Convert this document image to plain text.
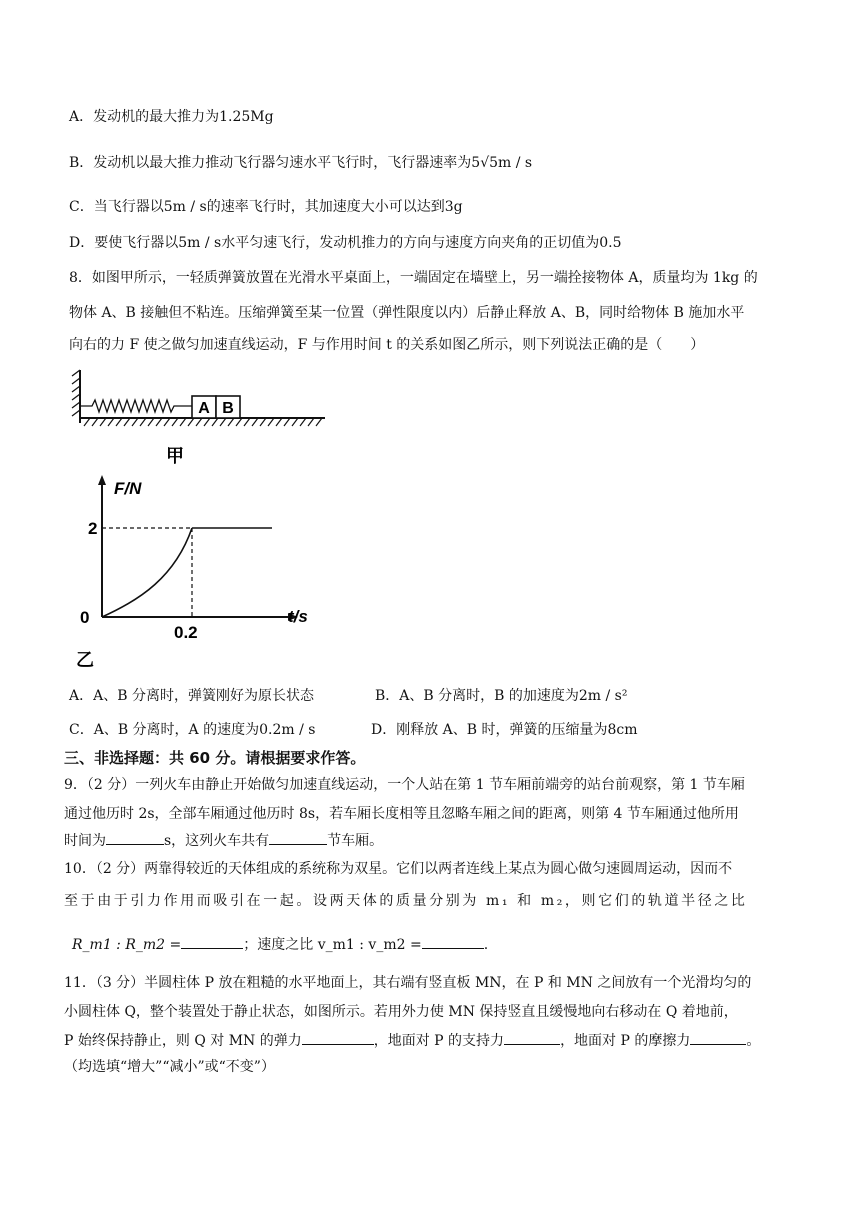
A．发动机的最大推力为1.25Mg
B．发动机以最大推力推动飞行器匀速水平飞行时，飞行器速率为5√5m / s
C．当飞行器以5m / s的速率飞行时，其加速度大小可以达到3g
D．要使飞行器以5m / s水平匀速飞行，发动机推力的方向与速度方向夹角的正切值为0.5
8．如图甲所示，一轻质弹簧放置在光滑水平桌面上，一端固定在墙壁上，另一端拴接物体 A，质量均为 1kg 的
物体 A、B 接触但不粘连。压缩弹簧至某一位置（弹性限度以内）后静止释放 A、B，同时给物体 B 施加水平
向右的力 F 使之做匀加速直线运动，F 与作用时间 t 的关系如图乙所示，则下列说法正确的是（　　）
A B
甲
F/N
2
0	t/s
0.2
乙
A．A、B 分离时，弹簧刚好为原长状态	B．A、B 分离时，B 的加速度为2m / s²
C．A、B 分离时，A 的速度为0.2m / s	D．刚释放 A、B 时，弹簧的压缩量为8cm
三、非选择题：共 60 分。请根据要求作答。
9．（2 分）一列火车由静止开始做匀加速直线运动，一个人站在第 1 节车厢前端旁的站台前观察，第 1 节车厢
通过他历时 2s，全部车厢通过他历时 8s，若车厢长度相等且忽略车厢之间的距离，则第 4 节车厢通过他所用
时间为	s，这列火车共有	节车厢。
10．（2 分）两靠得较近的天体组成的系统称为双星。它们以两者连线上某点为圆心做匀速圆周运动，因而不
至于由于引力作用而吸引在一起。设两天体的质量分别为 m₁ 和 m₂，则它们的轨道半径之比
R_m1 : R_m2 =	；速度之比 v_m1 : v_m2 =	.
11．（3 分）半圆柱体 P 放在粗糙的水平地面上，其右端有竖直板 MN，在 P 和 MN 之间放有一个光滑均匀的
小圆柱体 Q，整个装置处于静止状态，如图所示。若用外力使 MN 保持竖直且缓慢地向右移动在 Q 着地前，
P 始终保持静止，则 Q 对 MN 的弹力	，地面对 P 的支持力	，地面对 P 的摩擦力	。
（均选填“增大”“减小”或“不变”）
